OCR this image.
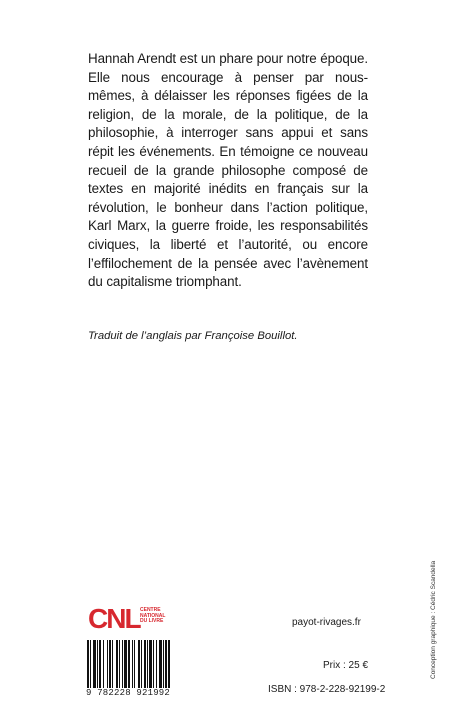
Hannah Arendt est un phare pour notre époque. Elle nous encourage à penser par nous-mêmes, à délaisser les réponses figées de la religion, de la morale, de la politique, de la philosophie, à interroger sans appui et sans répit les événements. En témoigne ce nouveau recueil de la grande philosophe composé de textes en majorité inédits en français sur la révolution, le bonheur dans l’action politique, Karl Marx, la guerre froide, les responsabilités civiques, la liberté et l’autorité, ou encore l’effilochement de la pensée avec l’avènement du capitalisme triomphant.

Traduit de l’anglais par Françoise Bouillot.

CNL CENTRE
NATIONAL
DU LIVRE
9 782228 921992
payot-rivages.fr
Prix : 25 €
ISBN : 978-2-228-92199-2
Conception graphique : Cédric Scandella
